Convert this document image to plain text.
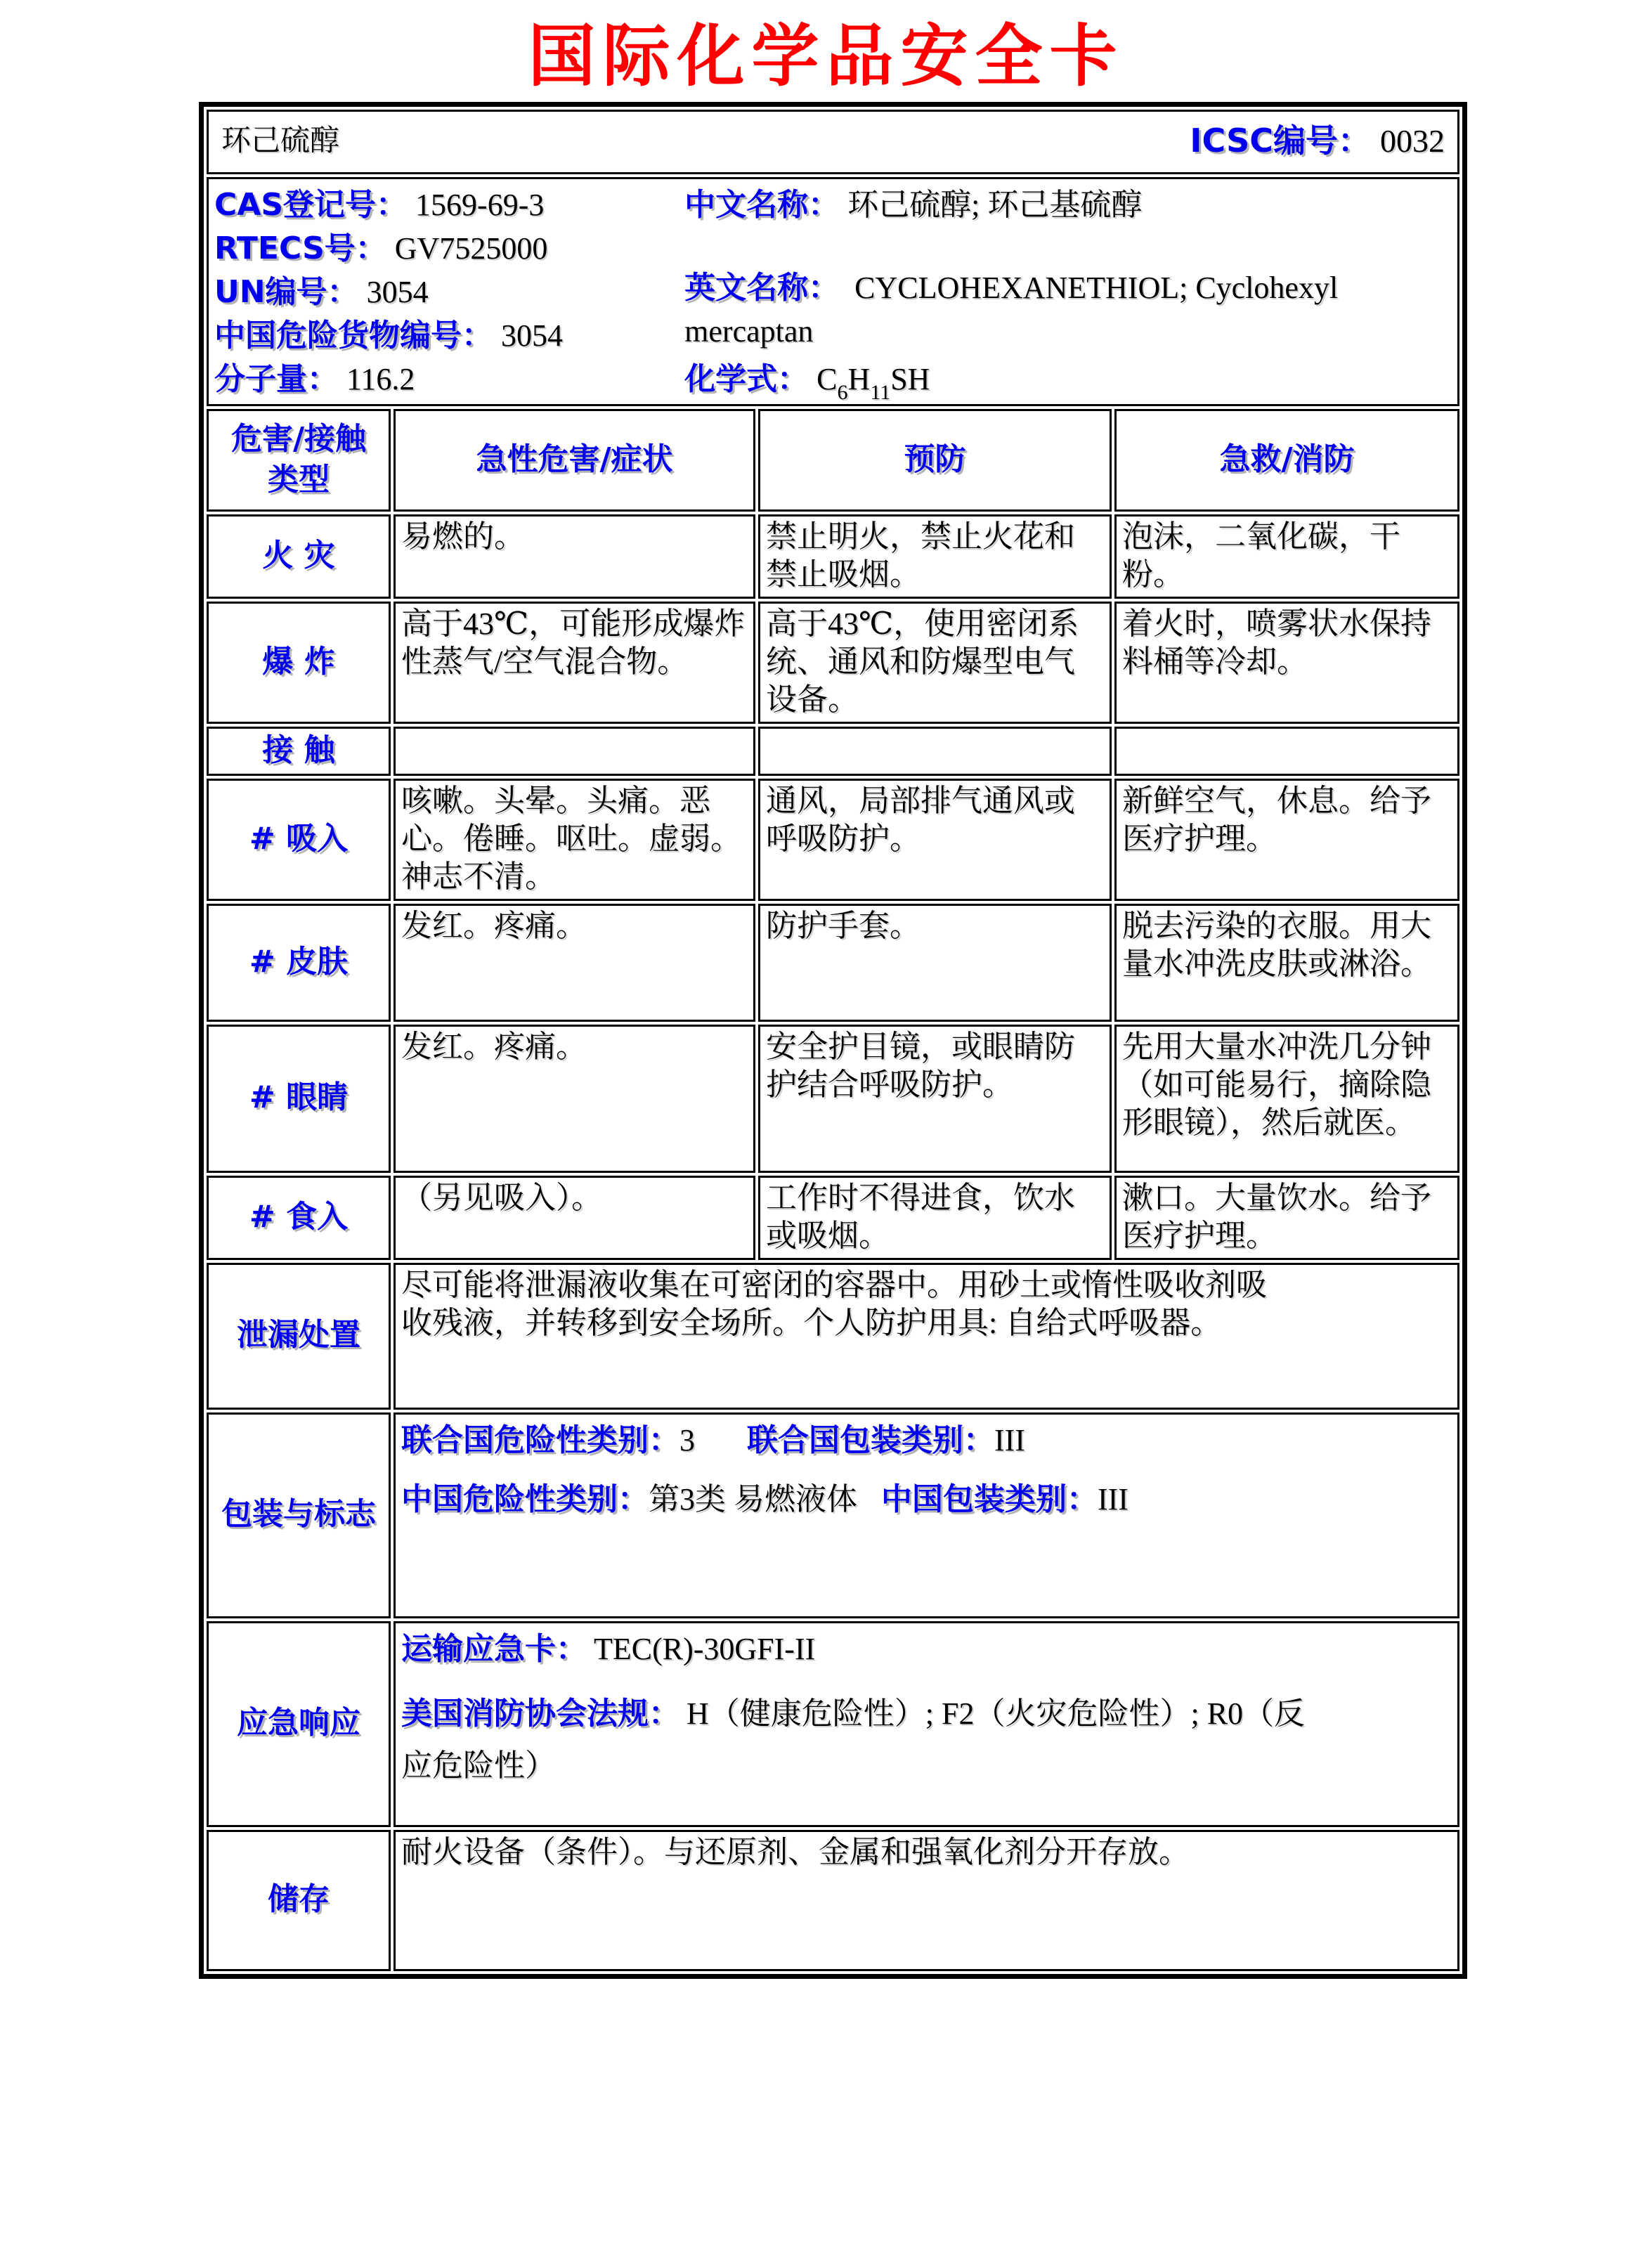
国际化学品安全卡
环己硫醇 ICSC编号： 0032			

CAS登记号： 1569-69-3
RTECS号： GV7525000
UN编号： 3054
中国危险货物编号： 3054
分子量： 116.2
中文名称： 环己硫醇; 环己基硫醇
英文名称： CYCLOHEXANETHIOL; Cyclohexyl mercaptan
化学式： $C_6H_{11}SH$

危害/接触
类型	急性危害/症状	预防	急救/消防
火 灾	易燃的。	禁止明火，禁止火花和禁止吸烟。	泡沫，二氧化碳，干粉。
爆 炸	高于43℃，可能形成爆炸性蒸气/空气混合物。	高于43℃，使用密闭系统、通风和防爆型电气设备。	着火时，喷雾状水保持料桶等冷却。
接 触			
# 吸入	咳嗽。头晕。头痛。恶心。倦睡。呕吐。虚弱。神志不清。	通风，局部排气通风或呼吸防护。	新鲜空气，休息。给予医疗护理。
# 皮肤	发红。疼痛。	防护手套。	脱去污染的衣服。用大量水冲洗皮肤或淋浴。
# 眼睛	发红。疼痛。	安全护目镜，或眼睛防护结合呼吸防护。	先用大量水冲洗几分钟（如可能易行，摘除隐形眼镜），然后就医。
# 食入	（另见吸入）。	工作时不得进食，饮水或吸烟。	漱口。大量饮水。给予医疗护理。
泄漏处置	尽可能将泄漏液收集在可密闭的容器中。用砂土或惰性吸收剂吸收残液，并转移到安全场所。个人防护用具: 自给式呼吸器。		

包装与标志	联合国危险性类别：3 联合国包装类别：III
中国危险性类别：第3类 易燃液体 中国包装类别：III		

应急响应	运输应急卡： TEC(R)-30GFI-II
美国消防协会法规： H（健康危险性）; F2（火灾危险性）; R0（反应危险性）		

储存	耐火设备（条件）。与还原剂、金属和强氧化剂分开存放。		
